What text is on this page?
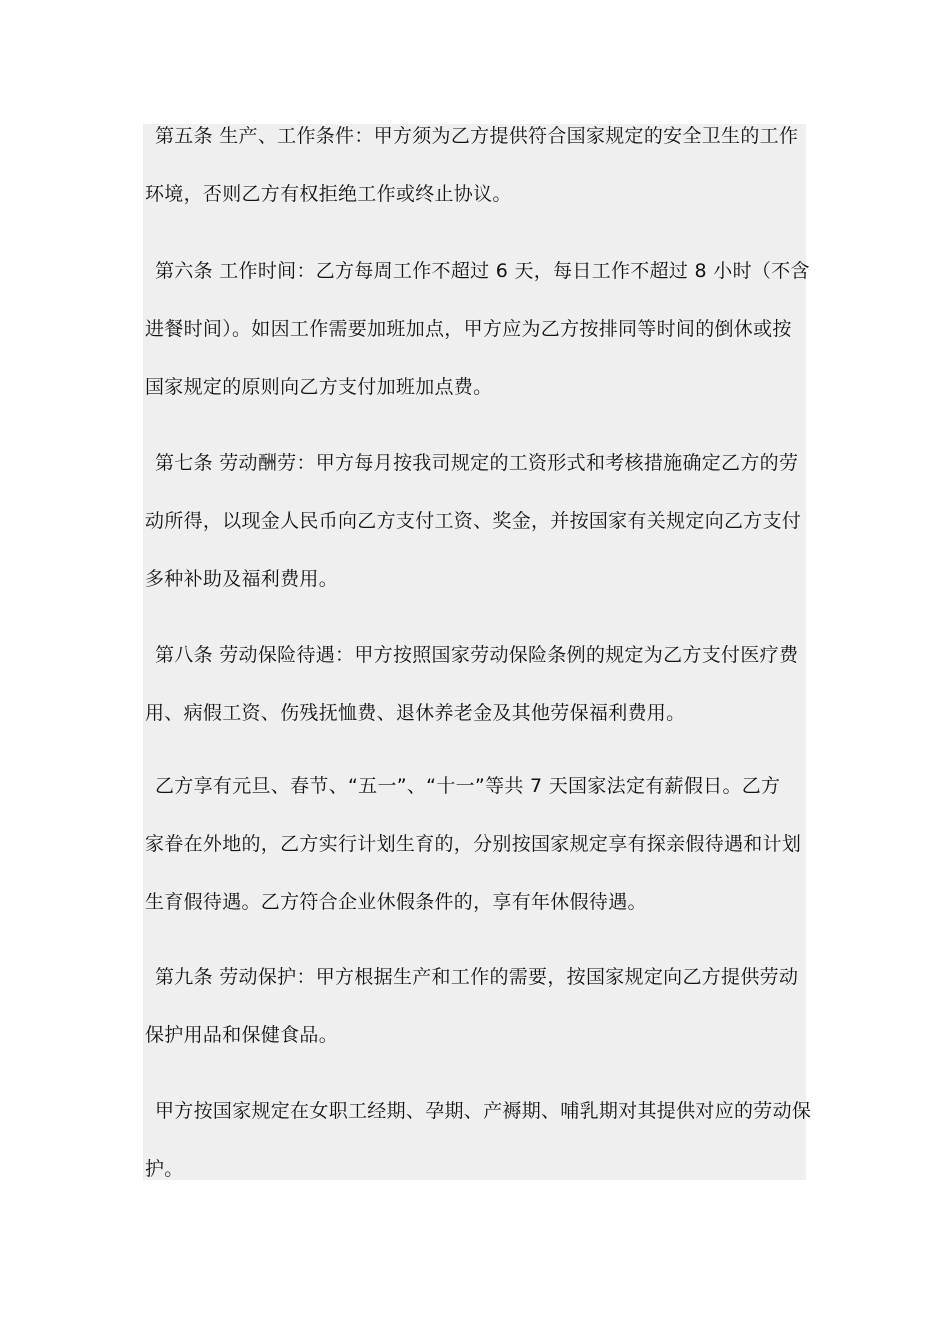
第五条 生产、工作条件：甲方须为乙方提供符合国家规定的安全卫生的工作
环境，否则乙方有权拒绝工作或终止协议。
第六条 工作时间：乙方每周工作不超过 6 天，每日工作不超过 8 小时（不含
进餐时间）。如因工作需要加班加点，甲方应为乙方按排同等时间的倒休或按
国家规定的原则向乙方支付加班加点费。
第七条 劳动酬劳：甲方每月按我司规定的工资形式和考核措施确定乙方的劳
动所得，以现金人民币向乙方支付工资、奖金，并按国家有关规定向乙方支付
多种补助及福利费用。
第八条 劳动保险待遇：甲方按照国家劳动保险条例的规定为乙方支付医疗费
用、病假工资、伤残抚恤费、退休养老金及其他劳保福利费用。
乙方享有元旦、春节、“五一”、“十一”等共 7 天国家法定有薪假日。乙方
家眷在外地的，乙方实行计划生育的，分别按国家规定享有探亲假待遇和计划
生育假待遇。乙方符合企业休假条件的，享有年休假待遇。
第九条 劳动保护：甲方根据生产和工作的需要，按国家规定向乙方提供劳动
保护用品和保健食品。
甲方按国家规定在女职工经期、孕期、产褥期、哺乳期对其提供对应的劳动保
护。
